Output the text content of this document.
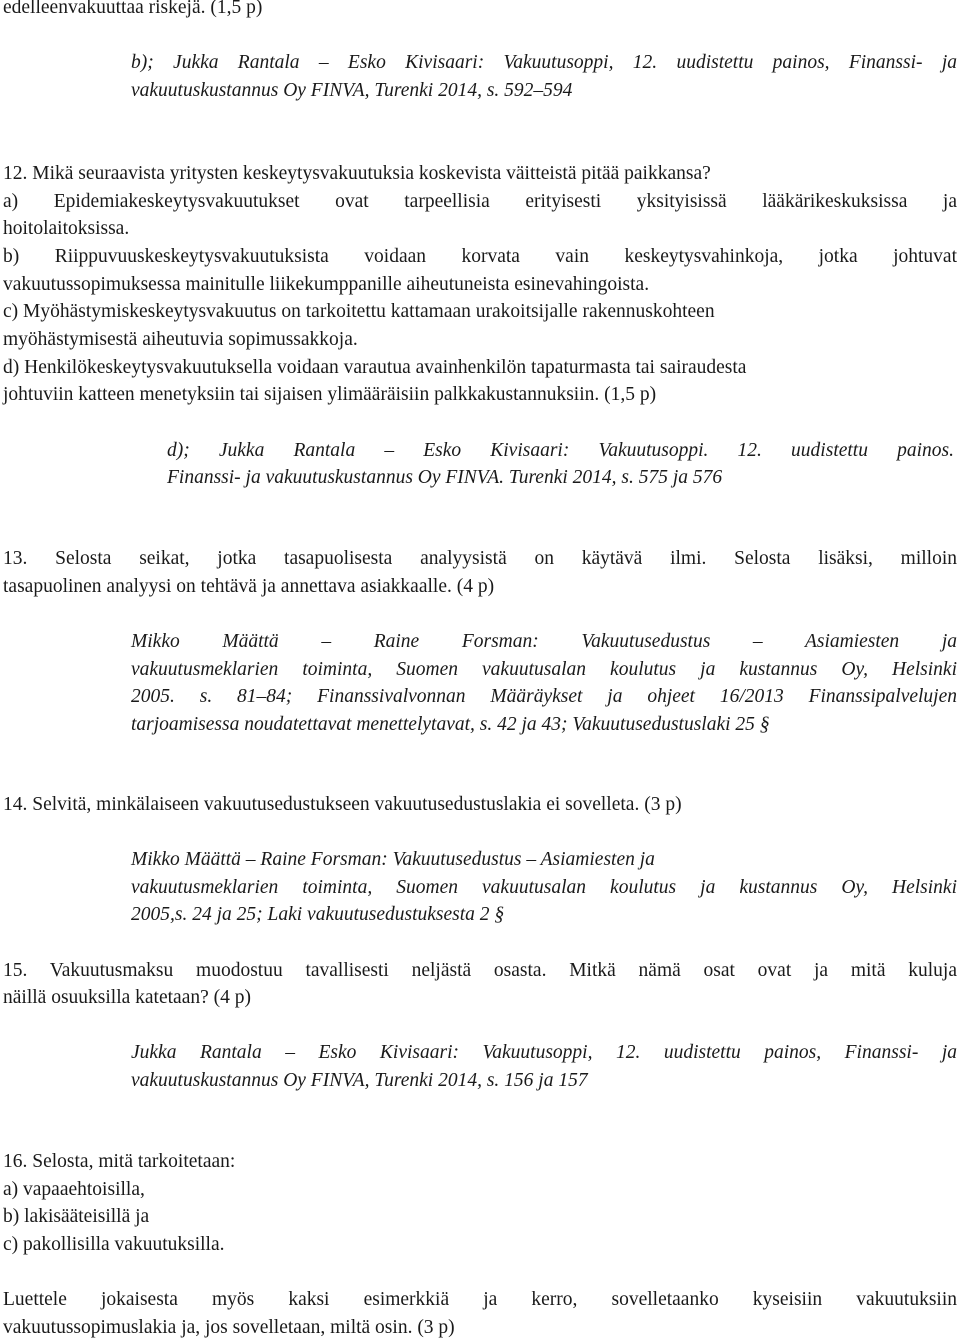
edelleenvakuuttaa riskejä. (1,5 p)
b); Jukka Rantala – Esko Kivisaari: Vakuutusoppi, 12. uudistettu painos, Finanssi- ja
vakuutuskustannus Oy FINVA, Turenki 2014, s. 592–594
12. Mikä seuraavista yritysten keskeytysvakuutuksia koskevista väitteistä pitää paikkansa?
a) Epidemiakeskeytysvakuutukset ovat tarpeellisia erityisesti yksityisissä lääkärikeskuksissa ja
hoitolaitoksissa.
b) Riippuvuuskeskeytysvakuutuksista voidaan korvata vain keskeytysvahinkoja, jotka johtuvat
vakuutussopimuksessa mainitulle liikekumppanille aiheutuneista esinevahingoista.
c) Myöhästymiskeskeytysvakuutus on tarkoitettu kattamaan urakoitsijalle rakennuskohteen
myöhästymisestä aiheutuvia sopimussakkoja.
d) Henkilökeskeytysvakuutuksella voidaan varautua avainhenkilön tapaturmasta tai sairaudesta
johtuviin katteen menetyksiin tai sijaisen ylimääräisiin palkkakustannuksiin. (1,5 p)
d); Jukka Rantala – Esko Kivisaari: Vakuutusoppi. 12. uudistettu painos.
Finanssi- ja vakuutuskustannus Oy FINVA. Turenki 2014, s. 575 ja 576
13. Selosta seikat, jotka tasapuolisesta analyysistä on käytävä ilmi. Selosta lisäksi, milloin
tasapuolinen analyysi on tehtävä ja annettava asiakkaalle. (4 p)
Mikko Määttä – Raine Forsman: Vakuutusedustus – Asiamiesten ja
vakuutusmeklarien toiminta, Suomen vakuutusalan koulutus ja kustannus Oy, Helsinki
2005. s. 81–84; Finanssivalvonnan Määräykset ja ohjeet 16/2013 Finanssipalvelujen
tarjoamisessa noudatettavat menettelytavat, s. 42 ja 43; Vakuutusedustuslaki 25 §
14. Selvitä, minkälaiseen vakuutusedustukseen vakuutusedustuslakia ei sovelleta. (3 p)
Mikko Määttä – Raine Forsman: Vakuutusedustus – Asiamiesten ja
vakuutusmeklarien toiminta, Suomen vakuutusalan koulutus ja kustannus Oy, Helsinki
2005,s. 24 ja 25; Laki vakuutusedustuksesta 2 §
15. Vakuutusmaksu muodostuu tavallisesti neljästä osasta. Mitkä nämä osat ovat ja mitä kuluja
näillä osuuksilla katetaan? (4 p)
Jukka Rantala – Esko Kivisaari: Vakuutusoppi, 12. uudistettu painos, Finanssi- ja
vakuutuskustannus Oy FINVA, Turenki 2014, s. 156 ja 157
16. Selosta, mitä tarkoitetaan:
a) vapaaehtoisilla,
b) lakisääteisillä ja
c) pakollisilla vakuutuksilla.
Luettele jokaisesta myös kaksi esimerkkiä ja kerro, sovelletaanko kyseisiin vakuutuksiin
vakuutussopimuslakia ja, jos sovelletaan, miltä osin. (3 p)
